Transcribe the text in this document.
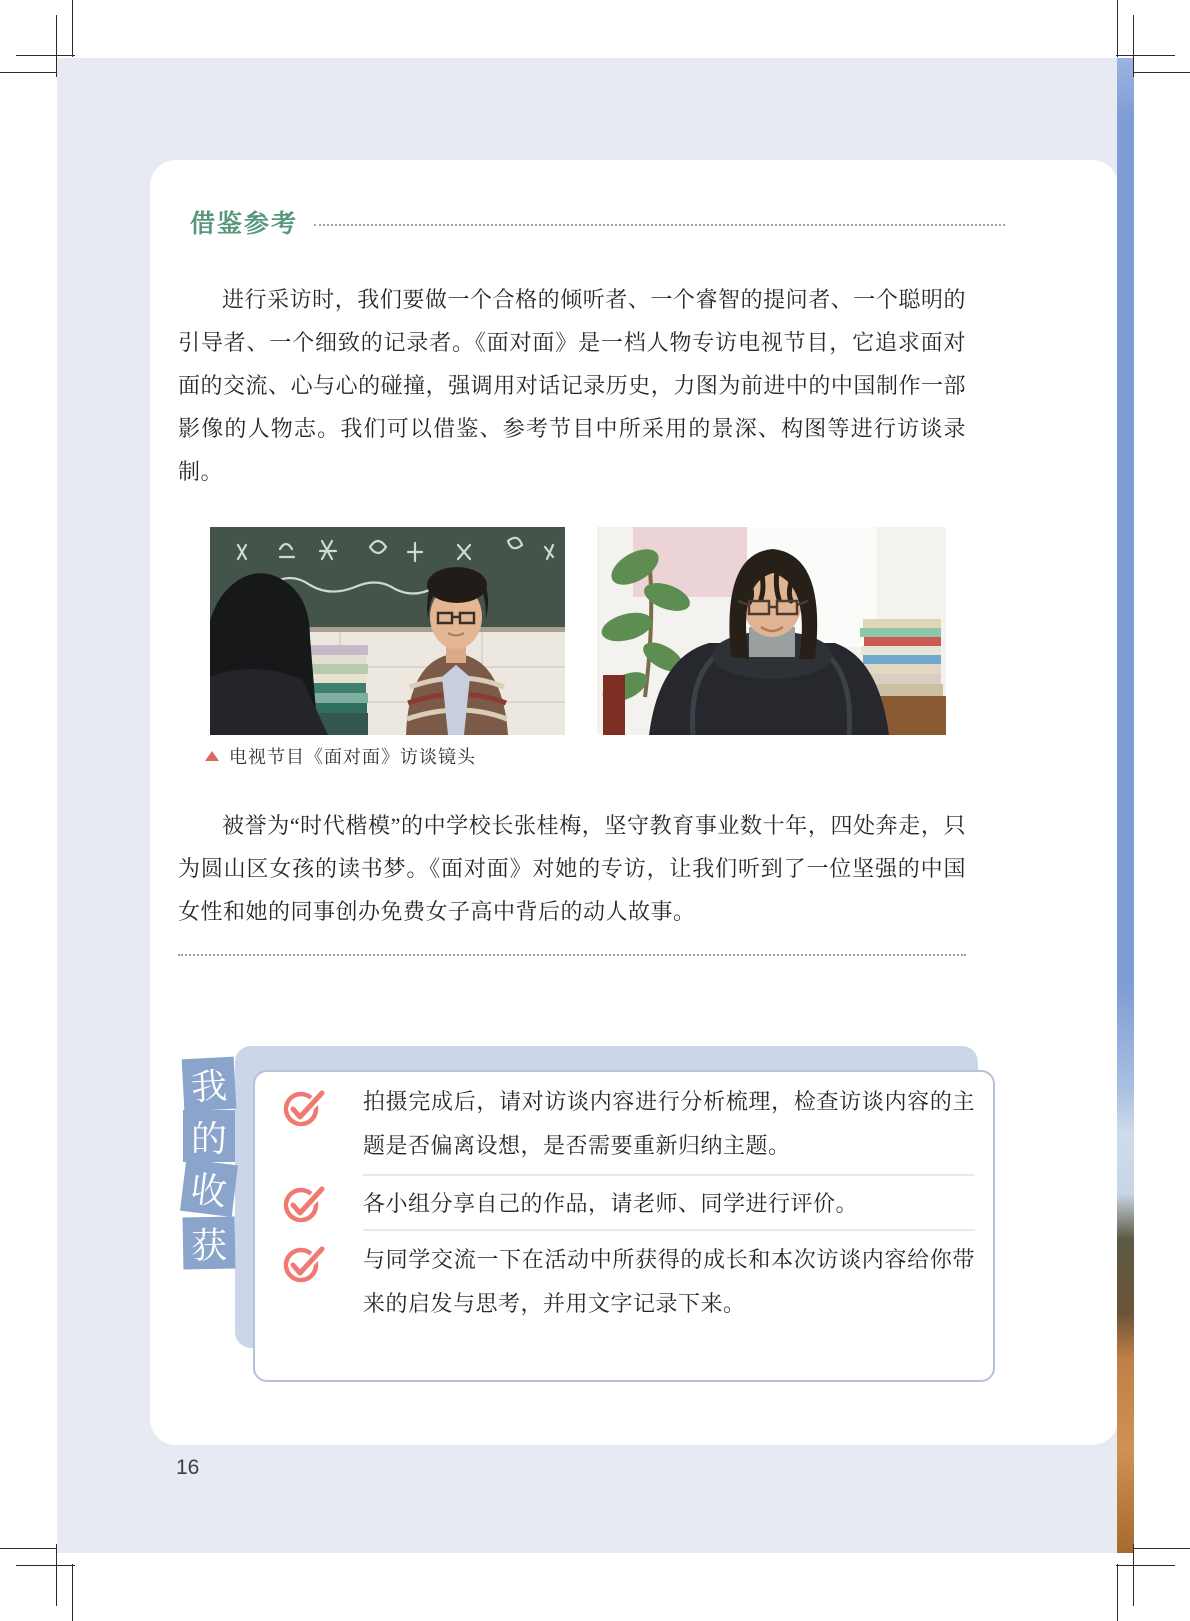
借鉴参考

进行采访时，我们要做一个合格的倾听者、一个睿智的提问者、一个聪明的引导者、一个细致的记录者。《面对面》是一档人物专访电视节目，它追求面对面的交流、心与心的碰撞，强调用对话记录历史，力图为前进中的中国制作一部影像的人物志。我们可以借鉴、参考节目中所采用的景深、构图等进行访谈录制。

电视节目《面对面》访谈镜头

被誉为“时代楷模”的中学校长张桂梅，坚守教育事业数十年，四处奔走，只为圆山区女孩的读书梦。《面对面》对她的专访，让我们听到了一位坚强的中国女性和她的同事创办免费女子高中背后的动人故事。

拍摄完成后，请对访谈内容进行分析梳理，检查访谈内容的主题是否偏离设想，是否需要重新归纳主题。
各小组分享自己的作品，请老师、同学进行评价。
与同学交流一下在活动中所获得的成长和本次访谈内容给你带来的启发与思考，并用文字记录下来。
我
的
收
获
16
